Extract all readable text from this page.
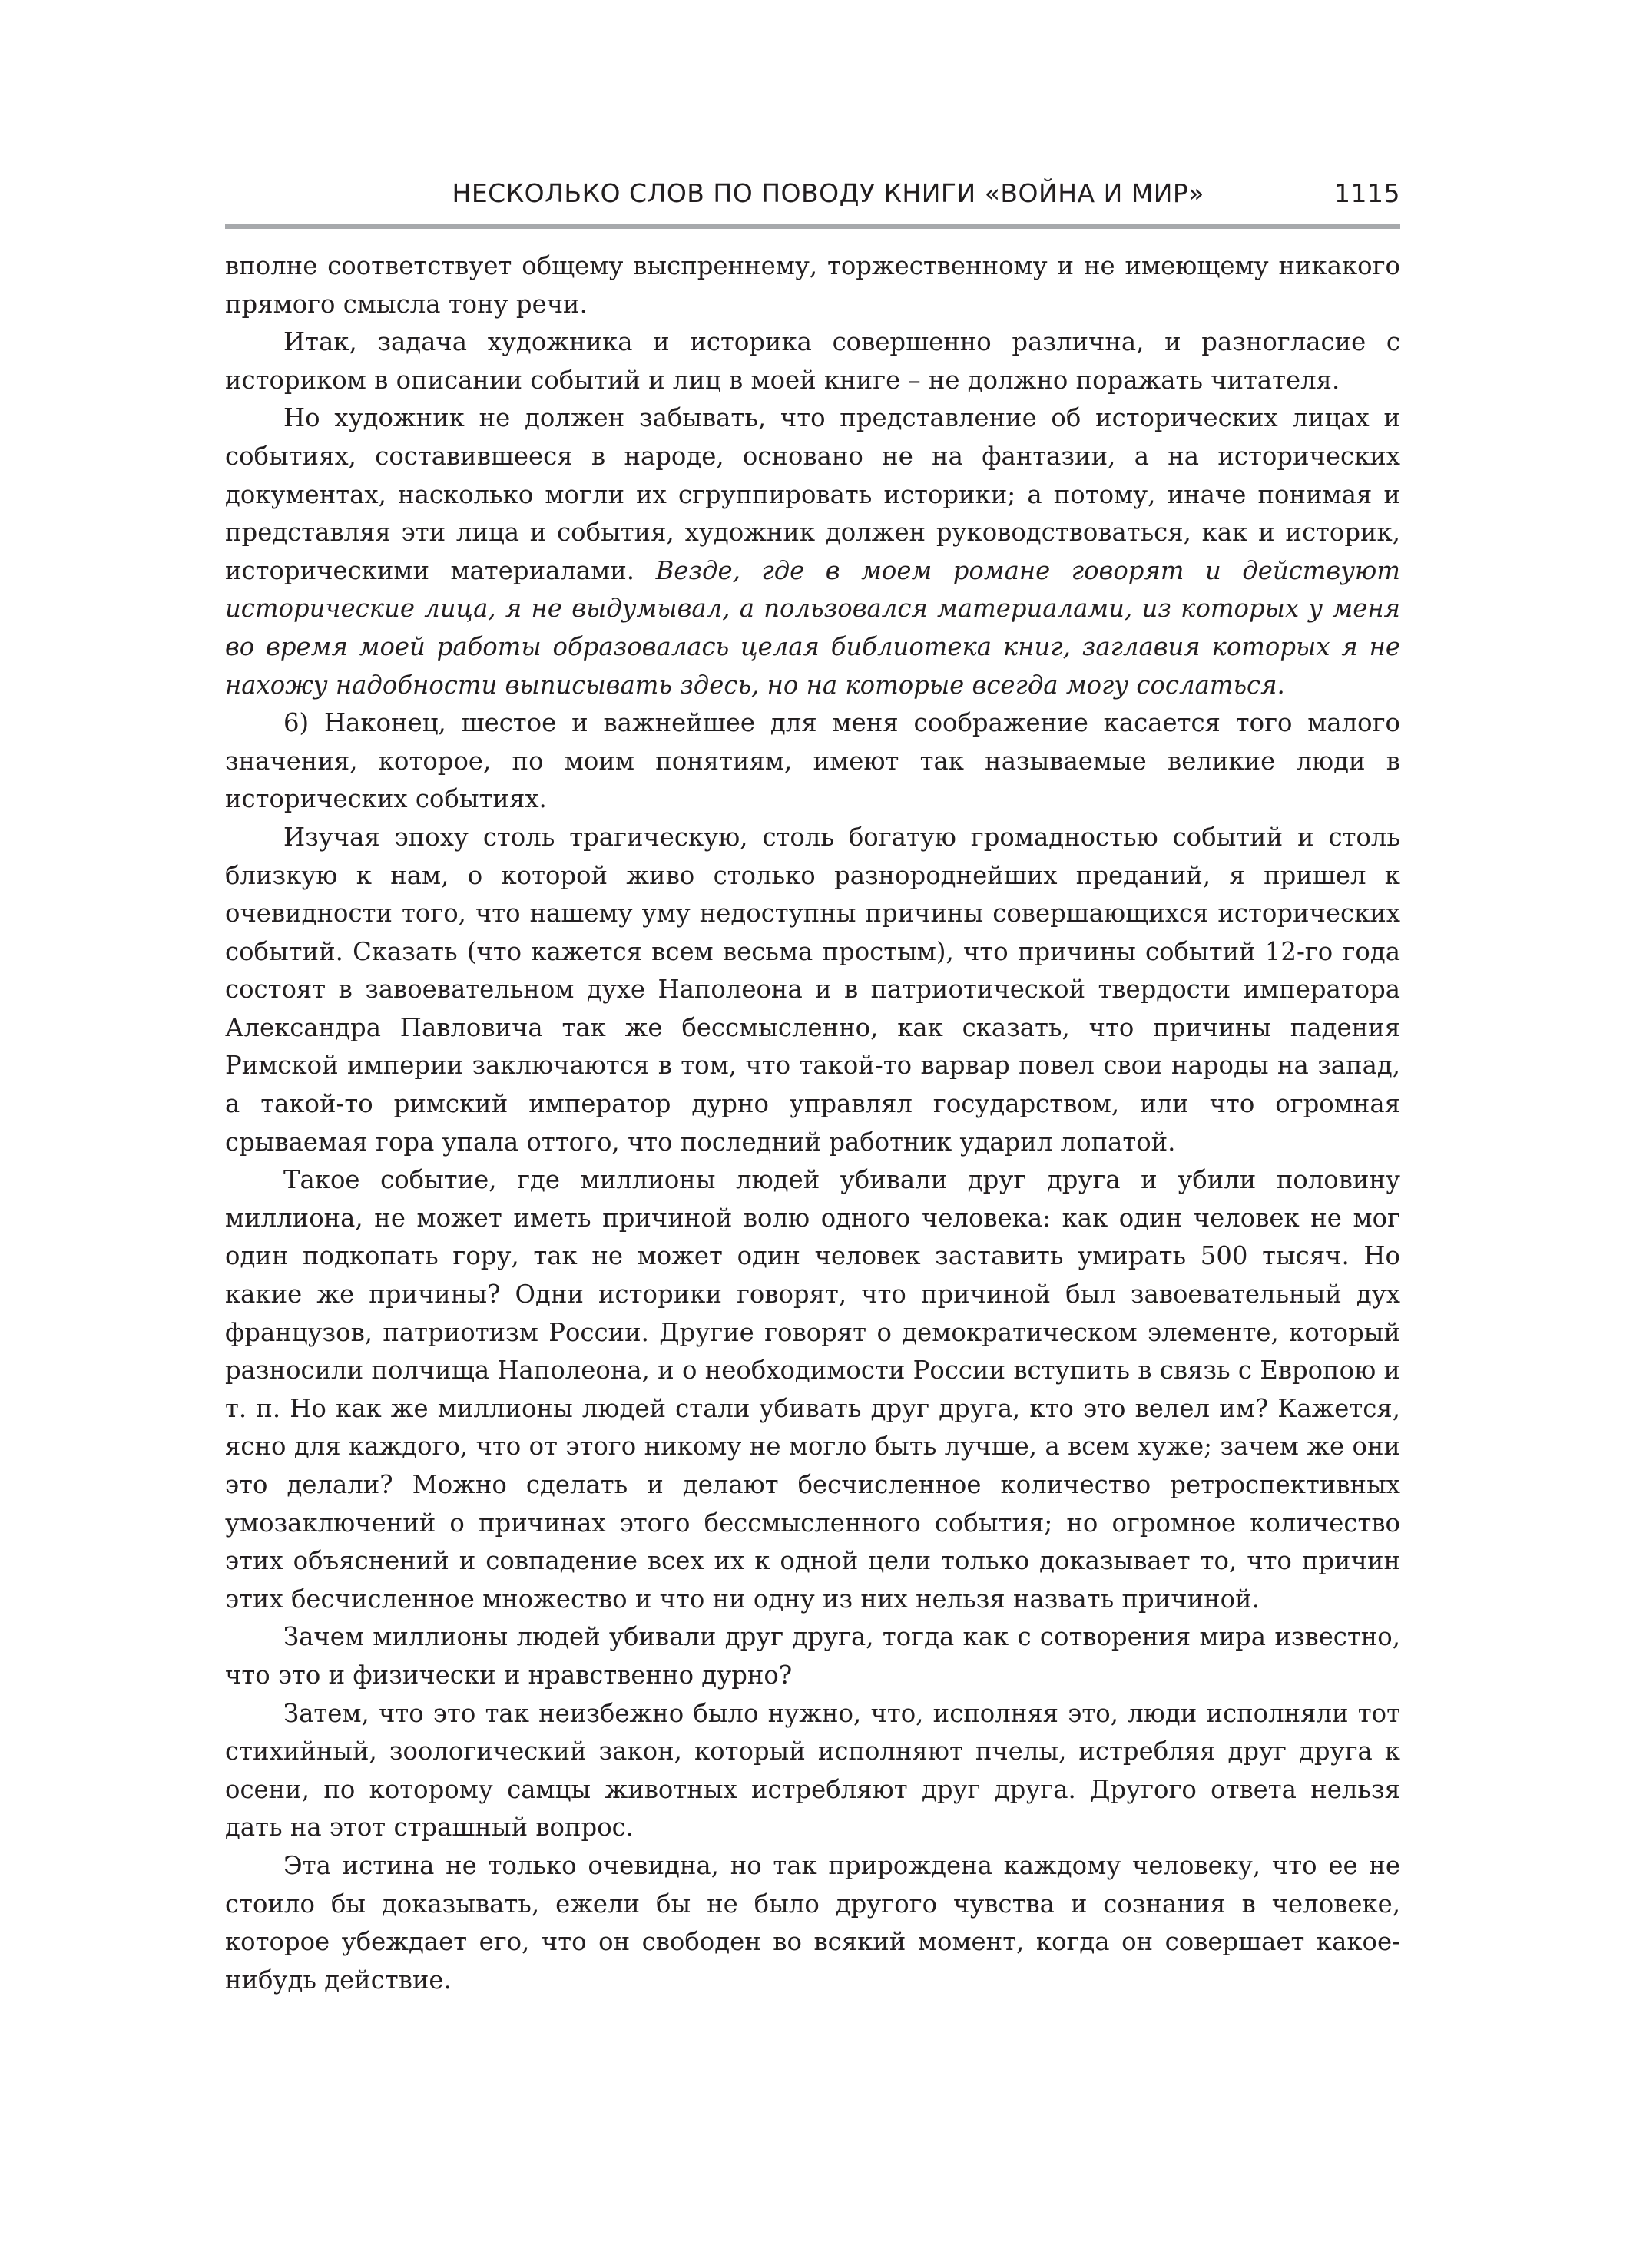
НЕСКОЛЬКО СЛОВ ПО ПОВОДУ КНИГИ «ВОЙНА И МИР»	1115

вполне соответствует общему выспреннему, торжественному и не имеющему никакого прямого смысла тону речи.

Итак, задача художника и историка совершенно различна, и разногласие с историком в описании событий и лиц в моей книге – не должно поражать читателя.

Но художник не должен забывать, что представление об исторических лицах и событиях, составившееся в народе, основано не на фантазии, а на исторических документах, насколько могли их сгруппировать историки; а потому, иначе понимая и представляя эти лица и события, художник должен руководствоваться, как и историк, историческими материалами. Везде, где в моем романе говорят и действуют исторические лица, я не выдумывал, а пользовался материалами, из которых у меня во время моей работы образовалась целая библиотека книг, заглавия которых я не нахожу надобности выписывать здесь, но на которые всегда могу сослаться.

6) Наконец, шестое и важнейшее для меня соображение касается того малого значения, которое, по моим понятиям, имеют так называемые великие люди в исторических событиях.

Изучая эпоху столь трагическую, столь богатую громадностью событий и столь близкую к нам, о которой живо столько разнороднейших преданий, я пришел к очевидности того, что нашему уму недоступны причины совершающихся исторических событий. Сказать (что кажется всем весьма простым), что причины событий 12-го года состоят в завоевательном духе Наполеона и в патриотической твердости императора Александра Павловича так же бессмысленно, как сказать, что причины падения Римской империи заключаются в том, что такой-то варвар повел свои народы на запад, а такой-то римский император дурно управлял государством, или что огромная срываемая гора упала оттого, что последний работник ударил лопатой.

Такое событие, где миллионы людей убивали друг друга и убили половину миллиона, не может иметь причиной волю одного человека: как один человек не мог один подкопать гору, так не может один человек заставить умирать 500 тысяч. Но какие же причины? Одни историки говорят, что причиной был завоевательный дух французов, патриотизм России. Другие говорят о демократическом элементе, который разносили полчища Наполеона, и о необходимости России вступить в связь с Европою и т. п. Но как же миллионы людей стали убивать друг друга, кто это велел им? Кажется, ясно для каждого, что от этого никому не могло быть лучше, а всем хуже; зачем же они это делали? Можно сделать и делают бесчисленное количество ретроспективных умозаключений о причинах этого бессмысленного события; но огромное количество этих объяснений и совпадение всех их к одной цели только доказывает то, что причин этих бесчисленное множество и что ни одну из них нельзя назвать причиной.

Зачем миллионы людей убивали друг друга, тогда как с сотворения мира известно, что это и физически и нравственно дурно?

Затем, что это так неизбежно было нужно, что, исполняя это, люди исполняли тот стихийный, зоологический закон, который исполняют пчелы, истребляя друг друга к осени, по которому самцы животных истребляют друг друга. Другого ответа нельзя дать на этот страшный вопрос.

Эта истина не только очевидна, но так прирождена каждому человеку, что ее не стоило бы доказывать, ежели бы не было другого чувства и сознания в человеке, которое убеждает его, что он свободен во всякий момент, когда он совершает какое-нибудь действие.
